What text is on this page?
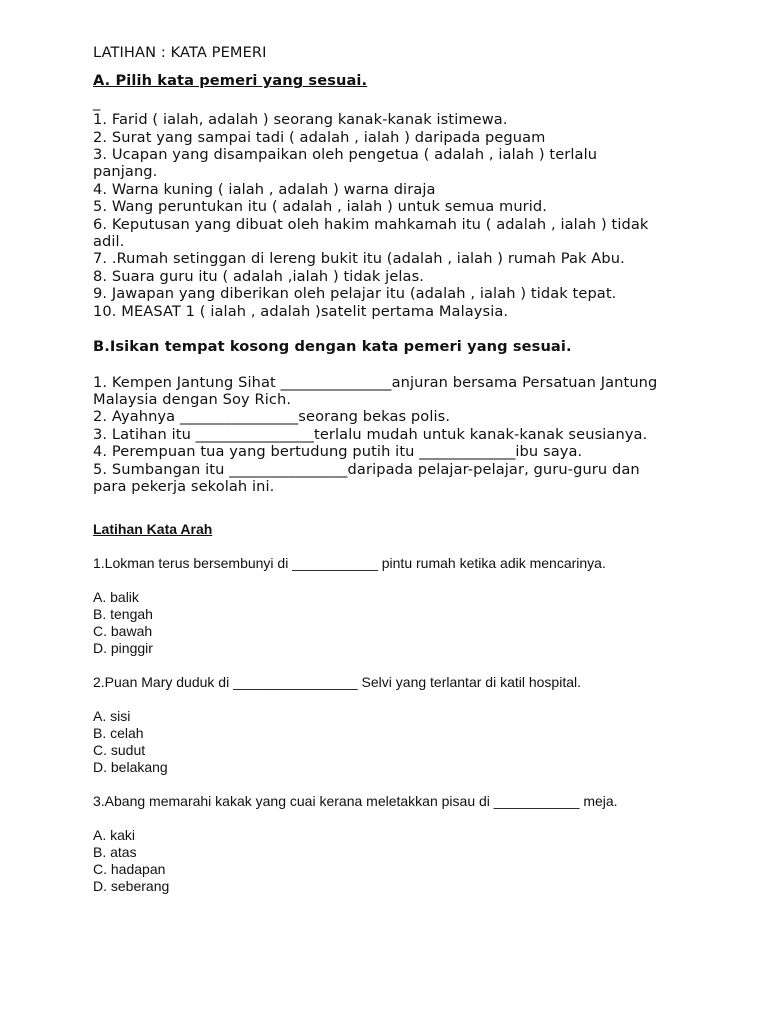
LATIHAN : KATA PEMERI
A. Pilih kata pemeri yang sesuai.
_
1. Farid ( ialah, adalah ) seorang kanak-kanak istimewa.
2. Surat yang sampai tadi ( adalah , ialah ) daripada peguam
3. Ucapan yang disampaikan oleh pengetua ( adalah , ialah ) terlalu panjang.
4. Warna kuning ( ialah , adalah ) warna diraja
5. Wang peruntukan itu ( adalah , ialah ) untuk semua murid.
6. Keputusan yang dibuat oleh hakim mahkamah itu ( adalah , ialah ) tidak adil.
7. .Rumah setinggan di lereng bukit itu (adalah , ialah ) rumah Pak Abu.
8. Suara guru itu ( adalah ,ialah ) tidak jelas.
9. Jawapan yang diberikan oleh pelajar itu (adalah , ialah ) tidak tepat.
10. MEASAT 1 ( ialah , adalah )satelit pertama Malaysia.
B.Isikan tempat kosong dengan kata pemeri yang sesuai.
1. Kempen Jantung Sihat _______________anjuran bersama Persatuan Jantung Malaysia dengan Soy Rich.
2. Ayahnya ________________seorang bekas polis.
3. Latihan itu ________________terlalu mudah untuk kanak-kanak seusianya.
4. Perempuan tua yang bertudung putih itu _____________ibu saya.
5. Sumbangan itu ________________daripada pelajar-pelajar, guru-guru dan
para pekerja sekolah ini.
Latihan Kata Arah
1.Lokman terus bersembunyi di ___________ pintu rumah ketika adik mencarinya.
A. balik
B. tengah
C. bawah
D. pinggir
2.Puan Mary duduk di ________________ Selvi yang terlantar di katil hospital.
A. sisi
B. celah
C. sudut
D. belakang
3.Abang memarahi kakak yang cuai kerana meletakkan pisau di ___________ meja.
A. kaki
B. atas
C. hadapan
D. seberang
